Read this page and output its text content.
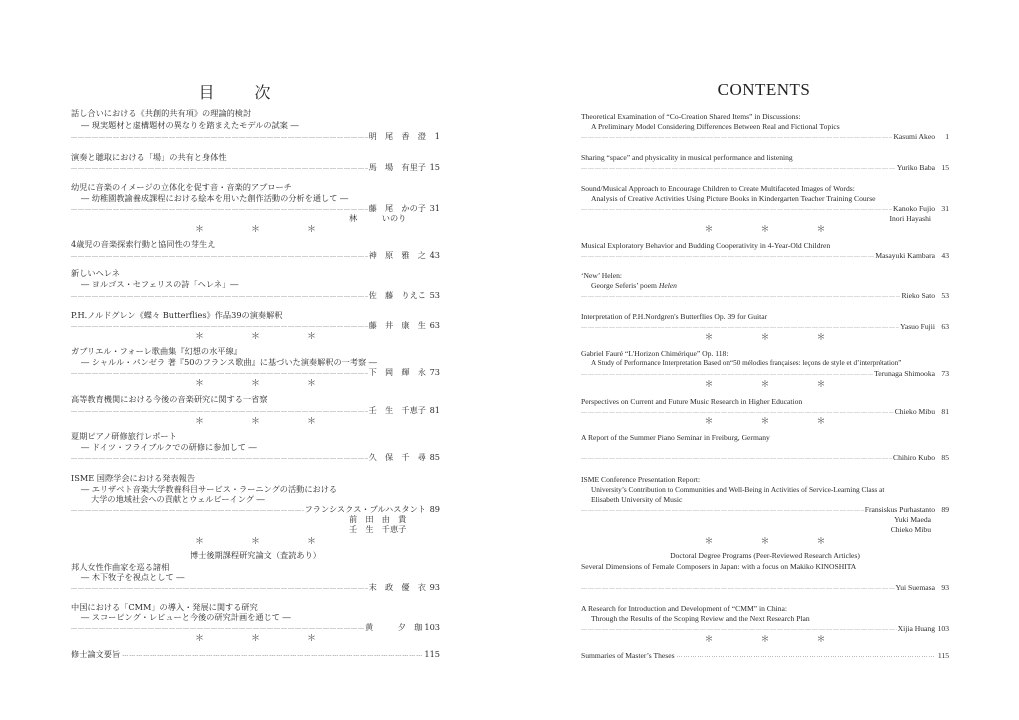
目次
話し合いにおける《共創的共有項》の理論的検討
― 現実題材と虚構題材の異なりを踏まえたモデルの試案 ―
………………………………………………………………………………………………………………………………………………………………………………………………………………………………………………………………………………
明　尾　香　澄	1
演奏と聴取における「場」の共有と身体性
………………………………………………………………………………………………………………………………………………………………………………………………………………………………………………………………………………
馬　場　有里子 15
幼児に音楽のイメージの立体化を促す音・音楽的アプローチ
― 幼稚園教諭養成課程における絵本を用いた創作活動の分析を通して ―
………………………………………………………………………………………………………………………………………………………………………………………………………………………………………………………………………………
藤　尾　かの子 31
林　　　いのり
＊	＊	＊
4歳児の音楽探索行動と協同性の芽生え
………………………………………………………………………………………………………………………………………………………………………………………………………………………………………………………………………………
神　原　雅　之 43
新しいヘレネ
― ヨルゴス・セフェリスの詩「ヘレネ」―
………………………………………………………………………………………………………………………………………………………………………………………………………………………………………………………………………………
佐　藤　りえこ 53
P.H.ノルドグレン《蝶々 Butterflies》作品39の演奏解釈
………………………………………………………………………………………………………………………………………………………………………………………………………………………………………………………………………………
藤　井　康　生 63
＊	＊	＊
ガブリエル・フォーレ歌曲集『幻想の水平線』
― シャルル・パンゼラ 著『50のフランス歌曲』に基づいた演奏解釈の一考察 ―
………………………………………………………………………………………………………………………………………………………………………………………………………………………………………………………………………………
下　岡　輝　永 73
＊	＊	＊
高等教育機関における今後の音楽研究に関する一省察
………………………………………………………………………………………………………………………………………………………………………………………………………………………………………………………………………………
壬　生　千恵子 81
＊	＊	＊
夏期ピアノ研修旅行レポート
― ドイツ・フライブルクでの研修に参加して ―
………………………………………………………………………………………………………………………………………………………………………………………………………………………………………………………………………………
久　保　千　尋 85
ISME 国際学会における発表報告
― エリザベト音楽大学教養科目サービス・ラーニングの活動における
大学の地域社会への貢献とウェルビーイング ―
………………………………………………………………………………………………………………………………………………………………………………………………………………………………………………………………………………
フランシスクス・プルハスタント 89
前　田　由　貴
壬　生　千恵子
＊	＊	＊
博士後期課程研究論文（査読あり）
邦人女性作曲家を巡る諸相
― 木下牧子を視点として ―
………………………………………………………………………………………………………………………………………………………………………………………………………………………………………………………………………………
末　政　優　衣 93
中国における「CMM」の導入・発展に関する研究
― スコーピング・レビューと今後の研究計画を通じて ―
………………………………………………………………………………………………………………………………………………………………………………………………………………………………………………………………………………
黄　　　夕　珈 103
＊	＊	＊
修士論文要旨 ………………………………………………………………………………………………………………………………………………………………………………………………………………………………………………………………………………	115
CONTENTS
Theoretical Examination of “Co-Creation Shared Items” in Discussions:
A Preliminary Model Considering Differences Between Real and Fictional Topics
………………………………………………………………………………………………………………………………………………………………………………………………………………………………………………………………………………
Kasumi Akeo	1
Sharing “space” and physicality in musical performance and listening
………………………………………………………………………………………………………………………………………………………………………………………………………………………………………………………………………………
Yuriko Baba 15
Sound/Musical Approach to Encourage Children to Create Multifaceted Images of Words:
Analysis of Creative Activities Using Picture Books in Kindergarten Teacher Training Course
………………………………………………………………………………………………………………………………………………………………………………………………………………………………………………………………………………
Kanoko Fujio 31
Inori Hayashi
＊	＊	＊
Musical Exploratory Behavior and Budding Cooperativity in 4-Year-Old Children
………………………………………………………………………………………………………………………………………………………………………………………………………………………………………………………………………………
Masayuki Kambara 43
‘New’ Helen:
George Seferis’ poem Helen
………………………………………………………………………………………………………………………………………………………………………………………………………………………………………………………………………………
Rieko Sato 53
Interpretation of P.H.Nordgren's Butterflies Op. 39 for Guitar
………………………………………………………………………………………………………………………………………………………………………………………………………………………………………………………………………………
Yasuo Fujii 63
＊	＊	＊
Gabriel Fauré “L'Horizon Chimérique” Op. 118:
A Study of Performance Interpretation Based on“50 mélodies françaises: leçons de style et d’interprétation”
………………………………………………………………………………………………………………………………………………………………………………………………………………………………………………………………………………
Terunaga Shimooka 73
＊	＊	＊
Perspectives on Current and Future Music Research in Higher Education
………………………………………………………………………………………………………………………………………………………………………………………………………………………………………………………………………………
Chieko Mibu 81
＊	＊	＊
A Report of the Summer Piano Seminar in Freiburg, Germany
………………………………………………………………………………………………………………………………………………………………………………………………………………………………………………………………………………
Chihiro Kubo 85
ISME Conference Presentation Report:
University’s Contribution to Communities and Well-Being in Activities of Service-Learning Class at
Elisabeth University of Music
………………………………………………………………………………………………………………………………………………………………………………………………………………………………………………………………………………
Fransiskus Purhastanto 89
Yuki Maeda
Chieko Mibu
＊	＊	＊
Doctoral Degree Programs (Peer-Reviewed Research Articles)
Several Dimensions of Female Composers in Japan: with a focus on Makiko KINOSHITA
………………………………………………………………………………………………………………………………………………………………………………………………………………………………………………………………………………
Yui Suemasa 93
A Research for Introduction and Development of “CMM” in China:
Through the Results of the Scoping Review and the Next Research Plan
………………………………………………………………………………………………………………………………………………………………………………………………………………………………………………………………………………
Xijia Huang 103
＊	＊	＊
Summaries of Master’s Theses ………………………………………………………………………………………………………………………………………………………………………………………………………………………………………………………………………………	115
